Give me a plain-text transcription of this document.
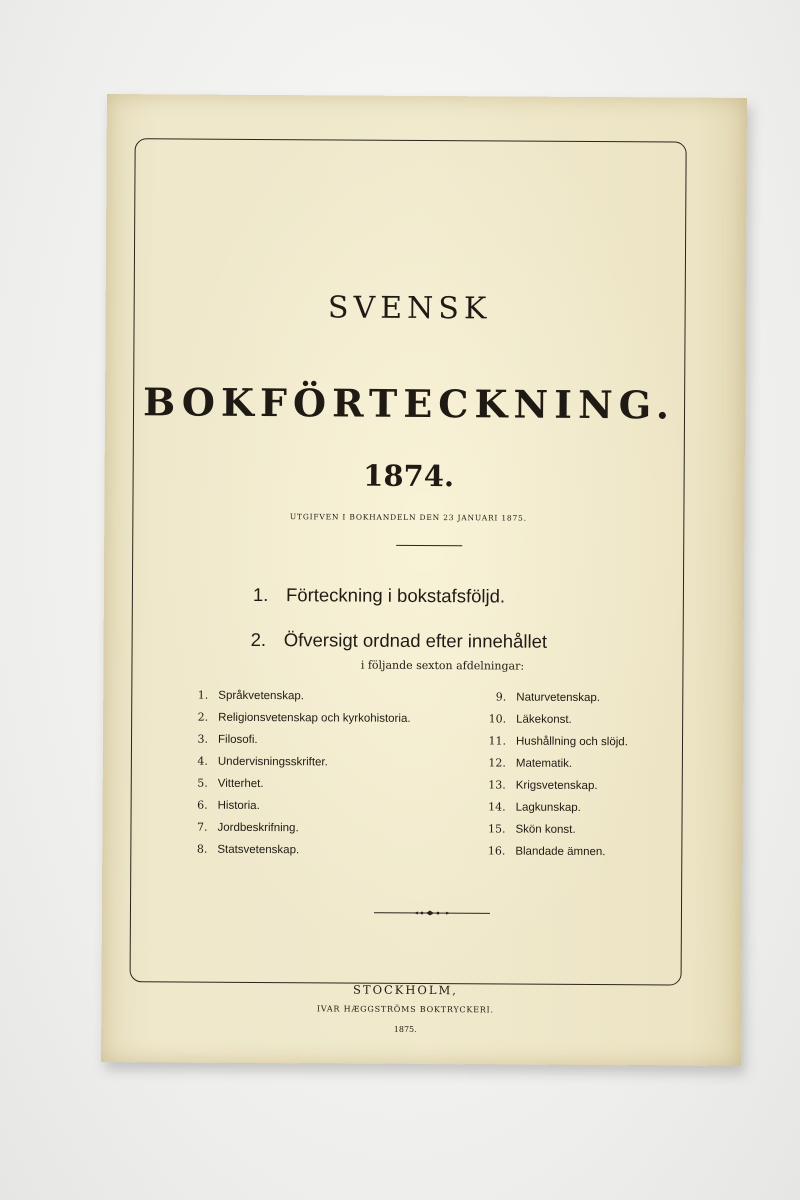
SVENSK
BOKFÖRTECKNING.
1874.
UTGIFVEN I BOKHANDELN DEN 23 JANUARI 1875.
1. Förteckning i bokstafsföljd.
2. Öfversigt ordnad efter innehållet
i följande sexton afdelningar:
1. Språkvetenskap.
2. Religionsvetenskap och kyrkohistoria.
3. Filosofi.
4. Undervisningsskrifter.
5. Vitterhet.
6. Historia.
7. Jordbeskrifning.
8. Statsvetenskap.
9. Naturvetenskap.
10. Läkekonst.
11. Hushållning och slöjd.
12. Matematik.
13. Krigsvetenskap.
14. Lagkunskap.
15. Skön konst.
16. Blandade ämnen.
STOCKHOLM,
IVAR HÆGGSTRÖMS BOKTRYCKERI.
1875.
